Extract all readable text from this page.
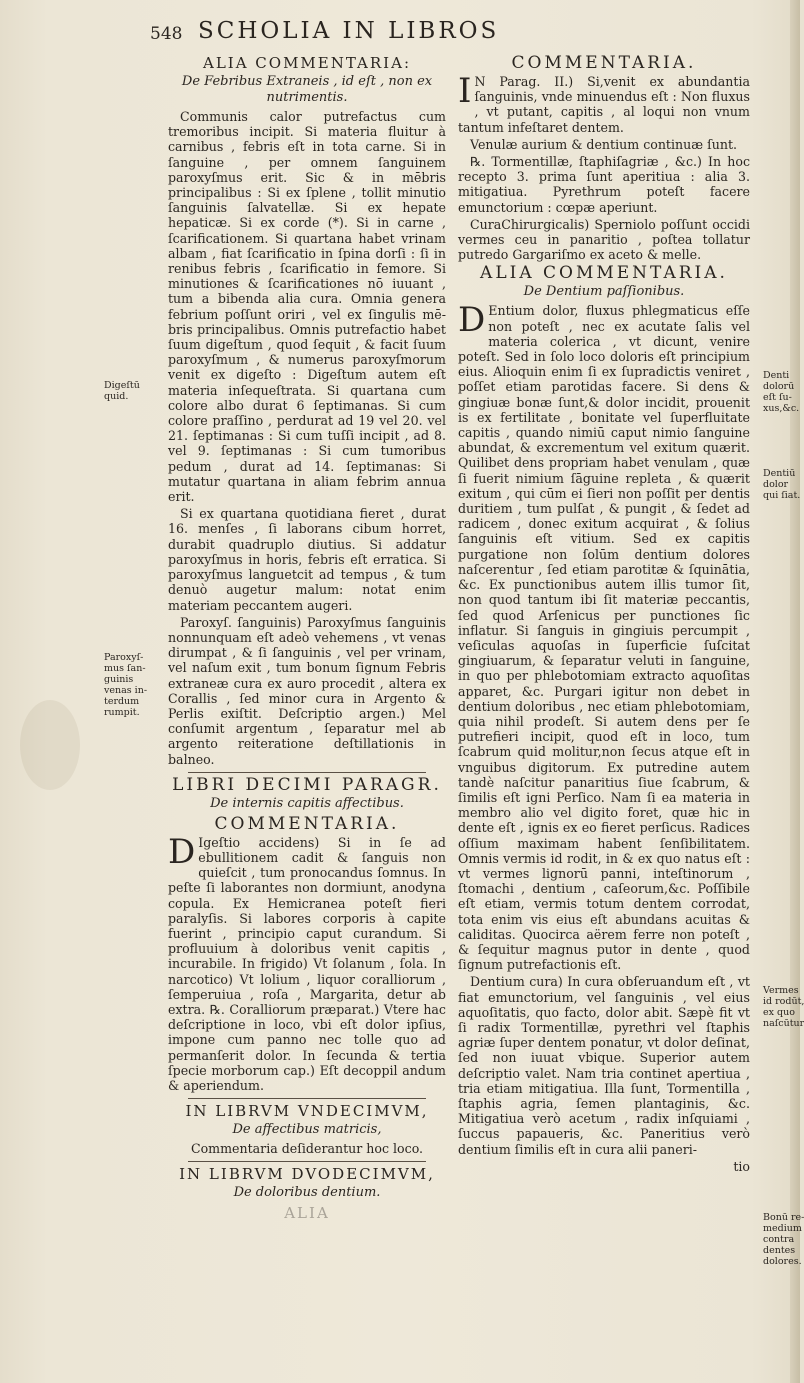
548 SCHOLIA IN LIBROS
ALIA COMMENTARIA:
De Febribus Extraneis , id eſt , non ex nutrimentis.

Communis calor putrefactus cum tremoribus incipit. Si materia fluitur à carnibus , febris eſt in tota carne. Si in ſanguine , per omnem ſanguinem paroxyſmus erit. Sic & in mēbris principalibus : Si ex ſplene , tollit minutio ſanguinis ſalvatellæ. Si ex hepate hepaticæ. Si ex corde (*). Si in carne , ſcarificationem. Si quartana habet vrinam albam , fiat ſcarificatio in ſpina dorſi : ſi in renibus febris , ſcarificatio in femore. Si minutiones & ſcarificationes nō iuuant , tum a bibenda alia cura. Omnia genera febrium poſſunt oriri , vel ex ſingulis mēbris principalibus. Omnis putrefactio habet ſuum digeſtum , quod ſequit , & facit ſuum paroxyſmum , & numerus paroxyſmorum venit ex digeſto : Digeſtum autem eſt materia inſequeſtrata. Si quartana cum colore albo durat 6 ſeptimanas. Si cum colore praſſino , perdurat ad 19 vel 20. vel 21. ſeptimanas : Si cum tuſſi incipit , ad 8. vel 9. ſeptimanas : Si cum tumoribus pedum , durat ad 14. ſeptimanas: Si mutatur quartana in aliam febrim annua erit.

Si ex quartana quotidiana fieret , durat 16. menſes , ſi laborans cibum horret, durabit quadruplo diutius. Si addatur paroxyſmus in horis, febris eſt erratica. Si paroxyſmus languetcit ad tempus , & tum denuò augetur malum: notat enim materiam peccantem augeri.

Paroxyſ. ſanguinis) Paroxyſmus ſanguinis nonnunquam eſt adeò vehemens , vt venas dirumpat , & ſi ſanguinis , vel per vrinam, vel naſum exit , tum bonum ſignum Febris extraneæ cura ex auro procedit , altera ex Corallis , ſed minor cura in Argento & Perlis exiſtit. Deſcriptio argen.) Mel conſumit argentum , ſeparatur mel ab argento reiteratione deſtillationis in balneo.

LIBRI DECIMI PARAGR.
De internis capitis affectibus.
COMMENTARIA.

D Igeſtio accidens) Si in ſe ad ebullitionem cadit & ſanguis non quieſcit , tum pronocandus ſomnus. In peſte ſi laborantes non dormiunt, anodyna copula. Ex Hemicranea poteſt fieri paralyſis. Si labores corporis à capite fuerint , principio caput curandum. Si profluuium à doloribus venit capitis , incurabile. In frigido) Vt ſolanum , ſola. In narcotico) Vt lolium , liquor coralliorum , ſemperuiua , roſa , Margarita, detur ab extra. ℞. Coralliorum præparat.) Vtere hac deſcriptione in loco, vbi eſt dolor ipſius, impone cum panno nec tolle quo ad permanſerit dolor. In ſecunda & tertia ſpecie morborum cap.) Eſt decoppil andum & aperiendum.

IN LIBRVM VNDECIMVM,
De affectibus matricis,

Commentaria deſiderantur hoc loco.

IN LIBRVM DVODECIMVM,
De doloribus dentium.
ALIA
COMMENTARIA.

I N Parag. II.) Si,venit ex abundantia ſanguinis, vnde minuendus eſt : Non fluxus , vt putant, capitis , al loqui non vnum tantum infeſtaret dentem.

Venulæ aurium & dentium continuæ ſunt.

℞. Tormentillæ, ſtaphiſagriæ , &c.) In hoc recepto 3. prima ſunt aperitiua : alia 3. mitigatiua. Pyrethrum poteſt facere emunctorium : cœpæ aperiunt.

CuraChirurgicalis) Sperniolo poſſunt occidi vermes ceu in panaritio , poſtea tollatur putredo Gargariſmo ex aceto & melle.

ALIA COMMENTARIA.
De Dentium paſſionibus.

D Entium dolor, fluxus phlegmaticus eſſe non poteſt , nec ex acutate ſalis vel materia colerica , vt dicunt, venire poteſt. Sed in ſolo loco doloris eſt principium eius. Alioquin enim ſi ex ſupradictis veniret , poſſet etiam parotidas facere. Si dens & gingiuæ bonæ ſunt,& dolor incidit, prouenit is ex fertilitate , bonitate vel ſuperfluitate capitis , quando nimiū caput nimio ſanguine abundat, & excrementum vel exitum quærit. Quilibet dens propriam habet venulam , quæ ſi fuerit nimium ſāguine repleta , & quærit exitum , qui cūm ei ſieri non poſſit per dentis duritiem , tum pulſat , & pungit , & ſedet ad radicem , donec exitum acquirat , & ſolius ſanguinis eſt vitium. Sed ex capitis purgatione non ſolūm dentium dolores naſcerentur , ſed etiam parotitæ & ſquinātia, &c. Ex punctionibus autem illis tumor ſit, non quod tantum ibi ſit materiæ peccantis, ſed quod Arſenicus per punctiones ſic inflatur. Si ſanguis in gingiuis percumpit , veſiculas aquoſas in ſuperficie ſuſcitat gingiuarum, & ſeparatur veluti in ſanguine, in quo per phlebotomiam extracto aquoſitas apparet, &c. Purgari igitur non debet in dentium doloribus , nec etiam phlebotomiam, quia nihil prodeſt. Si autem dens per ſe putrefieri incipit, quod eſt in loco, tum ſcabrum quid molitur,non ſecus atque eſt in vnguibus digitorum. Ex putredine autem tandè naſcitur panaritius ſiue ſcabrum, & ſimilis eſt igni Perſico. Nam ſi ea materia in membro alio vel digito foret, quæ hic in dente eſt , ignis ex eo fieret perſicus. Radices oſſium maximam habent ſenſibilitatem. Omnis vermis id rodit, in & ex quo natus eſt : vt vermes lignorū panni, inteſtinorum , ſtomachi , dentium , caſeorum,&c. Poſſibile eſt etiam, vermis totum dentem corrodat, tota enim vis eius eſt abundans acuitas & caliditas. Quocirca aërem ferre non poteſt , & ſequitur magnus putor in dente , quod ſignum putrefactionis eſt.

Dentium cura) In cura obſeruandum eſt , vt fiat emunctorium, vel ſanguinis , vel eius aquoſitatis, quo facto, dolor abit. Sæpè fit vt ſi radix Tormentillæ, pyrethri vel ſtaphis agriæ ſuper dentem ponatur, vt dolor deſinat, ſed non iuuat vbique. Superior autem deſcriptio valet. Nam tria continet apertiua , tria etiam mitigatiua. Illa ſunt, Tormentilla , ſtaphis agria, ſemen plantaginis, &c. Mitigatiua verò acetum , radix inſquiami , ſuccus papaueris, &c. Paneritius verò dentium ſimilis eſt in cura alii paneri-

tio

Digeſtū
quid.
Paroxyſ-
mus ſan-
guinis
venas in-
terdum
rumpit.
Denti
dolorū
eſt ſu-
xus,&c.
Dentiū
dolor
qui ſiat.
Vermes
id rodūt,
ex quo
naſcūtur
Bonū re-
medium
contra
dentes
dolores.
